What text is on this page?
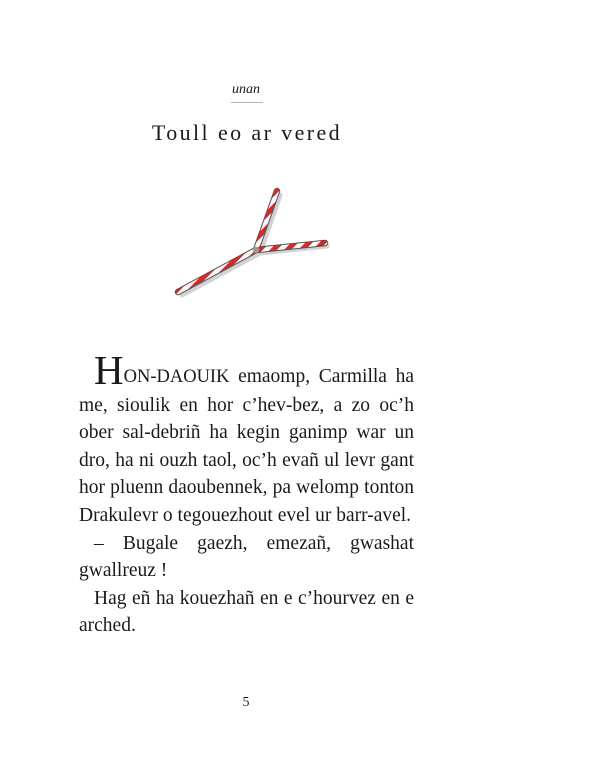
unan
Toull eo ar vered

HON-DAOUIK emaomp, Carmilla ha me, sioulik en hor c’hev-bez, a zo oc’h ober sal-debriñ ha kegin ganimp war un dro, ha ni ouzh taol, oc’h evañ ul levr gant hor pluenn daoubennek, pa welomp tonton Drakulevr o tegouezhout evel ur barr-avel.

– Bugale gaezh, emezañ, gwashat gwallreuz !

Hag eñ ha kouezhañ en e c’hourvez en e arched.

5
